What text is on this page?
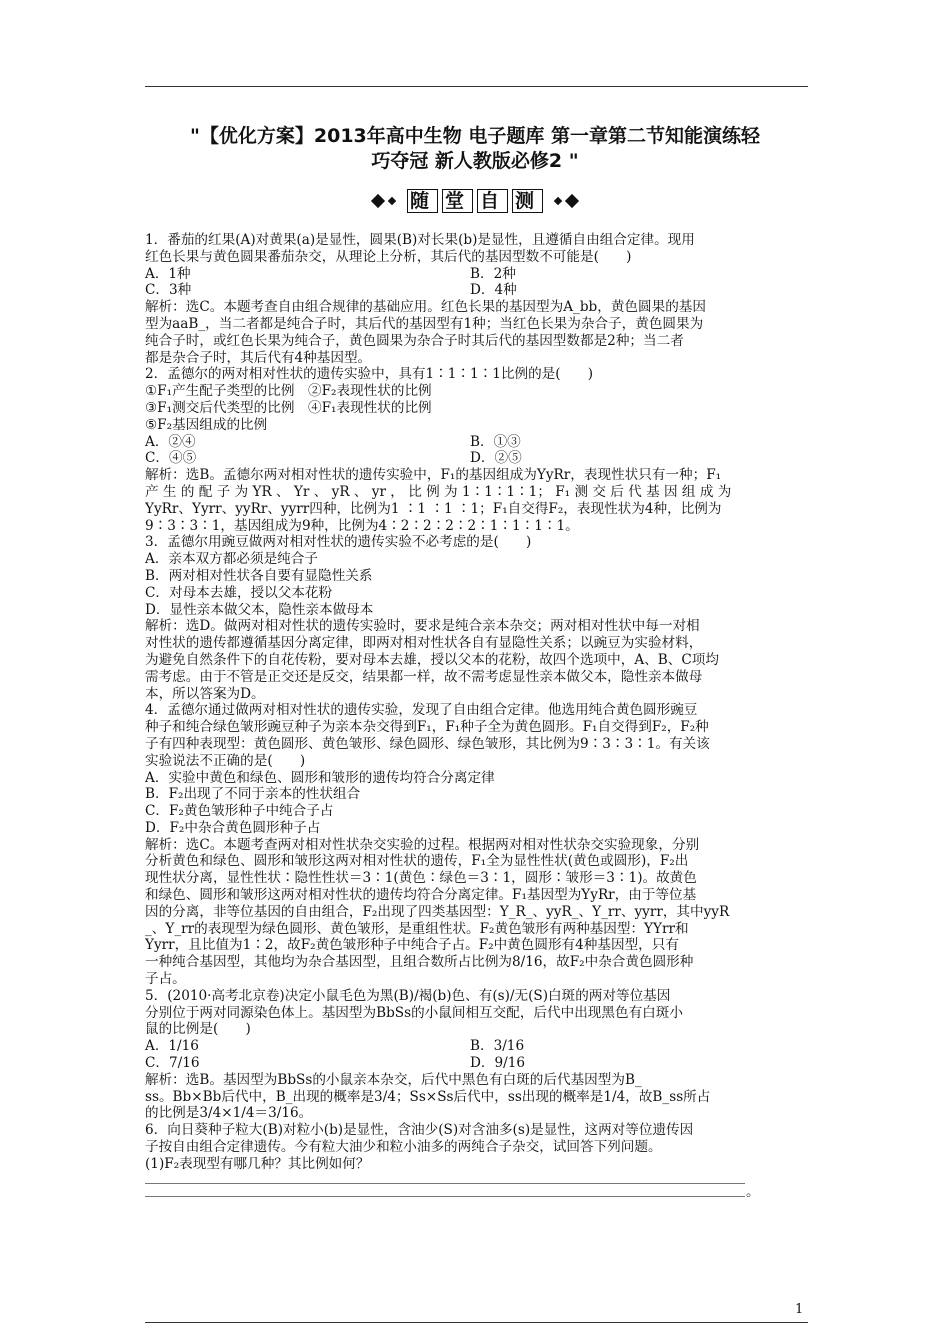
"【优化方案】2013年高中生物 电子题库 第一章第二节知能演练轻
巧夺冠 新人教版必修2 "
随 堂 自 测
1．番茄的红果(A)对黄果(a)是显性，圆果(B)对长果(b)是显性，且遵循自由组合定律。现用
红色长果与黄色圆果番茄杂交，从理论上分析，其后代的基因型数不可能是(　　)
A．1种	B．2种
C．3种	D．4种
解析：选C。本题考查自由组合规律的基础应用。红色长果的基因型为A_bb，黄色圆果的基因
型为aaB_，当二者都是纯合子时，其后代的基因型有1种；当红色长果为杂合子，黄色圆果为
纯合子时，或红色长果为纯合子，黄色圆果为杂合子时其后代的基因型数都是2种；当二者
都是杂合子时，其后代有4种基因型。
2．孟德尔的两对相对性状的遗传实验中，具有1∶1∶1∶1比例的是(　　)
①F₁产生配子类型的比例　②F₂表现性状的比例
③F₁测交后代类型的比例　④F₁表现性状的比例
⑤F₂基因组成的比例
A．②④	B．①③
C．④⑤	D．②⑤
解析：选B。孟德尔两对相对性状的遗传实验中，F₁的基因组成为YyRr，表现性状只有一种；F₁
产 生 的 配 子 为 YR 、 Yr 、 yR 、 yr ， 比 例 为 1∶1∶1∶1； F₁ 测 交 后 代 基 因 组 成 为
YyRr、Yyrr、yyRr、yyrr四种，比例为1 ∶1 ∶1 ∶1；F₁自交得F₂，表现性状为4种，比例为
9∶3∶3∶1，基因组成为9种，比例为4∶2∶2∶2∶2∶1∶1∶1∶1。
3．孟德尔用豌豆做两对相对性状的遗传实验不必考虑的是(　　)
A．亲本双方都必须是纯合子
B．两对相对性状各自要有显隐性关系
C．对母本去雄，授以父本花粉
D．显性亲本做父本，隐性亲本做母本
解析：选D。做两对相对性状的遗传实验时，要求是纯合亲本杂交；两对相对性状中每一对相
对性状的遗传都遵循基因分离定律，即两对相对性状各自有显隐性关系；以豌豆为实验材料，
为避免自然条件下的自花传粉，要对母本去雄，授以父本的花粉，故四个选项中，A、B、C项均
需考虑。由于不管是正交还是反交，结果都一样，故不需考虑显性亲本做父本，隐性亲本做母
本，所以答案为D。
4．孟德尔通过做两对相对性状的遗传实验，发现了自由组合定律。他选用纯合黄色圆形豌豆
种子和纯合绿色皱形豌豆种子为亲本杂交得到F₁，F₁种子全为黄色圆形。F₁自交得到F₂，F₂种
子有四种表现型：黄色圆形、黄色皱形、绿色圆形、绿色皱形，其比例为9∶3∶3∶1。有关该
实验说法不正确的是(　　)
A．实验中黄色和绿色、圆形和皱形的遗传均符合分离定律
B．F₂出现了不同于亲本的性状组合
C．F₂黄色皱形种子中纯合子占
D．F₂中杂合黄色圆形种子占
解析：选C。本题考查两对相对性状杂交实验的过程。根据两对相对性状杂交实验现象，分别
分析黄色和绿色、圆形和皱形这两对相对性状的遗传，F₁全为显性性状(黄色或圆形)，F₂出
现性状分离，显性性状∶隐性性状＝3∶1(黄色∶绿色＝3∶1，圆形∶皱形＝3∶1)。故黄色
和绿色、圆形和皱形这两对相对性状的遗传均符合分离定律。F₁基因型为YyRr，由于等位基
因的分离，非等位基因的自由组合，F₂出现了四类基因型：Y_R_、yyR_、Y_rr、yyrr，其中yyR
_、Y_rr的表现型为绿色圆形、黄色皱形，是重组性状。F₂黄色皱形有两种基因型：YYrr和
Yyrr，且比值为1∶2，故F₂黄色皱形种子中纯合子占。F₂中黄色圆形有4种基因型，只有
一种纯合基因型，其他均为杂合基因型，且组合数所占比例为8/16，故F₂中杂合黄色圆形种
子占。
5．(2010·高考北京卷)决定小鼠毛色为黑(B)/褐(b)色、有(s)/无(S)白斑的两对等位基因
分别位于两对同源染色体上。基因型为BbSs的小鼠间相互交配，后代中出现黑色有白斑小
鼠的比例是(　　)
A．1/16	B．3/16
C．7/16	D．9/16
解析：选B。基因型为BbSs的小鼠亲本杂交，后代中黑色有白斑的后代基因型为B_
ss。Bb×Bb后代中，B_出现的概率是3/4；Ss×Ss后代中，ss出现的概率是1/4，故B_ss所占
的比例是3/4×1/4＝3/16。
6．向日葵种子粒大(B)对粒小(b)是显性，含油少(S)对含油多(s)是显性，这两对等位遗传因
子按自由组合定律遗传。今有粒大油少和粒小油多的两纯合子杂交，试回答下列问题。
(1)F₂表现型有哪几种？其比例如何？
。
1
